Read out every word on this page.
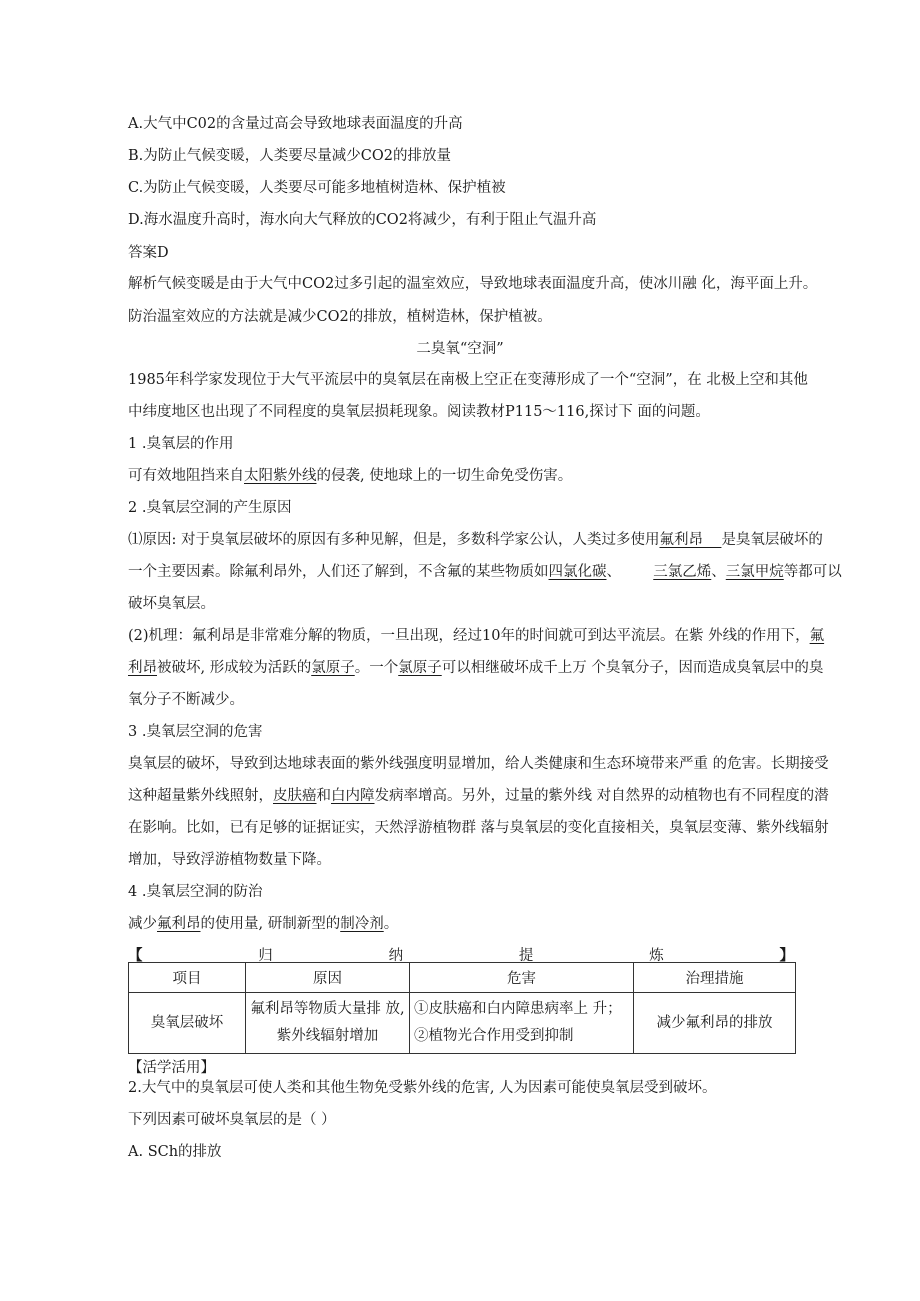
A.大气中C02的含量过高会导致地球表面温度的升高
B.为防止气候变暖，人类要尽量减少CO2的排放量
C.为防止气候变暖，人类要尽可能多地植树造林、保护植被
D.海水温度升高时，海水向大气释放的CO2将减少，有利于阻止气温升高
答案D
解析气候变暖是由于大气中CO2过多引起的温室效应，导致地球表面温度升高，使冰川融 化，海平面上升。
防治温室效应的方法就是减少CO2的排放，植树造林，保护植被。
二臭氧“空洞”
1985年科学家发现位于大气平流层中的臭氧层在南极上空正在变薄形成了一个“空洞”，在 北极上空和其他
中纬度地区也出现了不同程度的臭氧层损耗现象。阅读教材P115〜116,探讨下 面的问题。
1 .臭氧层的作用
可有效地阻挡来自太阳紫外线的侵袭, 使地球上的一切生命免受伤害。
2 .臭氧层空洞的产生原因
⑴原因: 对于臭氧层破坏的原因有多种见解，但是，多数科学家公认，人类过多使用氟利昂    是臭氧层破坏的
一个主要因素。除氟利昂外，人们还了解到，不含氟的某些物质如四氯化碳、       三氯乙烯、三氯甲烷等都可以
破坏臭氧层。
(2)机理：氟利昂是非常难分解的物质，一旦出现，经过10年的时间就可到达平流层。在紫 外线的作用下，氟
利昂被破坏, 形成较为活跃的氯原子。一个氯原子可以相继破坏成千上万 个臭氧分子，因而造成臭氧层中的臭
氧分子不断减少。
3 .臭氧层空洞的危害
臭氧层的破坏，导致到达地球表面的紫外线强度明显增加，给人类健康和生态环境带来严重 的危害。长期接受
这种超量紫外线照射，皮肤癌和白内障发病率增高。另外，过量的紫外线 对自然界的动植物也有不同程度的潜
在影响。比如，已有足够的证据证实，天然浮游植物群 落与臭氧层的变化直接相关，臭氧层变薄、紫外线辐射
增加，导致浮游植物数量下降。
4 .臭氧层空洞的防治
减少氟利昂的使用量, 研制新型的制冷剂。
【	归	纳	提	炼	】
项目	原因	危害	治理措施
臭氧层破坏	氟利昂等物质大量排 放,紫外线辐射增加	①皮肤癌和白内障患病率上 升；②植物光合作用受到抑制	减少氟利昂的排放
【活学活用】
2.大气中的臭氧层可使人类和其他生物免受紫外线的危害, 人为因素可能使臭氧层受到破坏。
下列因素可破坏臭氧层的是（ ）
A. SCh的排放
